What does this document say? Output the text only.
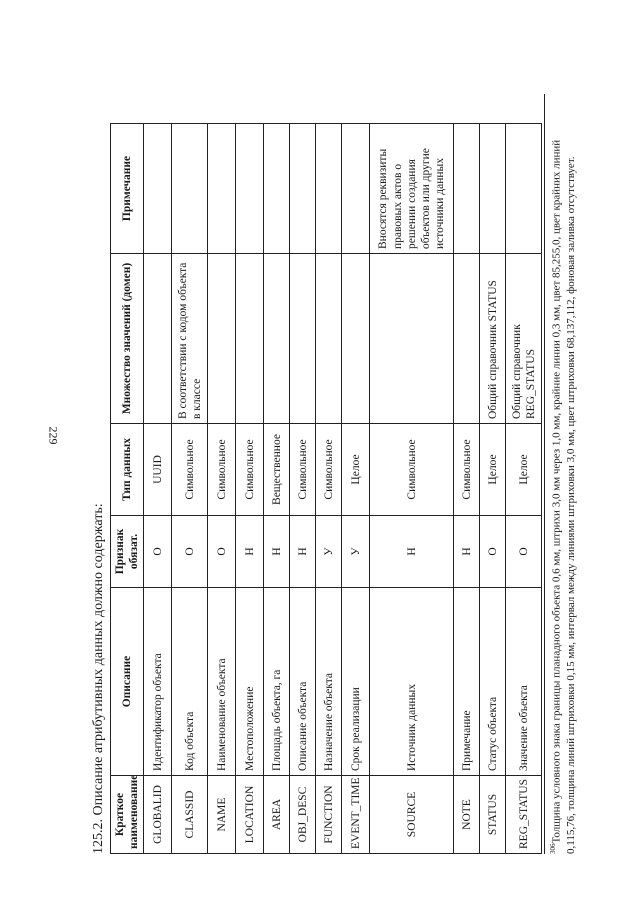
229
125.2. Описание атрибутивных данных должно содержать: Краткое наименование	Описание	Признак обязат.	Тип данных	Множество значений (домен)	Примечание
GLOBALID	Идентификатор объекта	О	UUID		
CLASSID	Код объекта	О	Символьное	В соответствии с кодом объекта в классе	
NAME	Наименование объекта	О	Символьное		
LOCATION	Местоположение	Н	Символьное		
AREA	Площадь объекта, га	Н	Вещественное		
OBJ_DESC	Описание объекта	Н	Символьное		
FUNCTION	Назначение объекта	У	Символьное		
EVENT_TIME	Срок реализации	У	Целое		
SOURCE	Источник данных	Н	Символьное		Вносятся реквизиты правовых актов о решении создания объектов или другие источники данных
NOTE	Примечание	Н	Символьное		
STATUS	Статус объекта	О	Целое	Общий справочник STATUS	
REG_STATUS	Значение объекта	О	Целое	Общий справочник REG_STATUS	
$^{306}$Толщина условного знака границы планадного объекта 0,6 мм, штрихи 3,0 мм через 1,0 мм, крайние линии 0,3 мм, цвет 85,255,0, цвет крайних линий 0,115,76, толщина линий штриховки 0,15 мм, интервал между линиями штриховки 3,0 мм, цвет штриховки 68,137,112, фоновая заливка отсутствует.
